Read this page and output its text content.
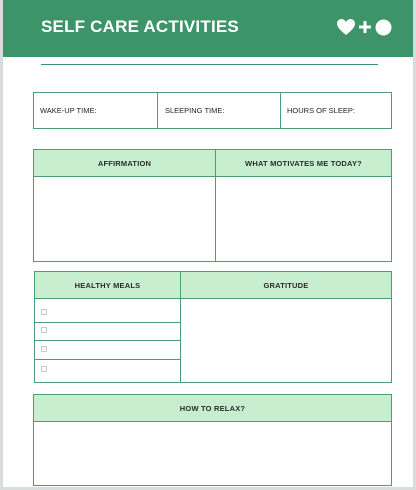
SELF CARE ACTIVITIES
WAKE-UP TIME:	SLEEPING TIME:	HOURS OF SLEEP:
AFFIRMATION	WHAT MOTIVATES ME TODAY?
HEALTHY MEALS	GRATITUDE
HOW TO RELAX?
